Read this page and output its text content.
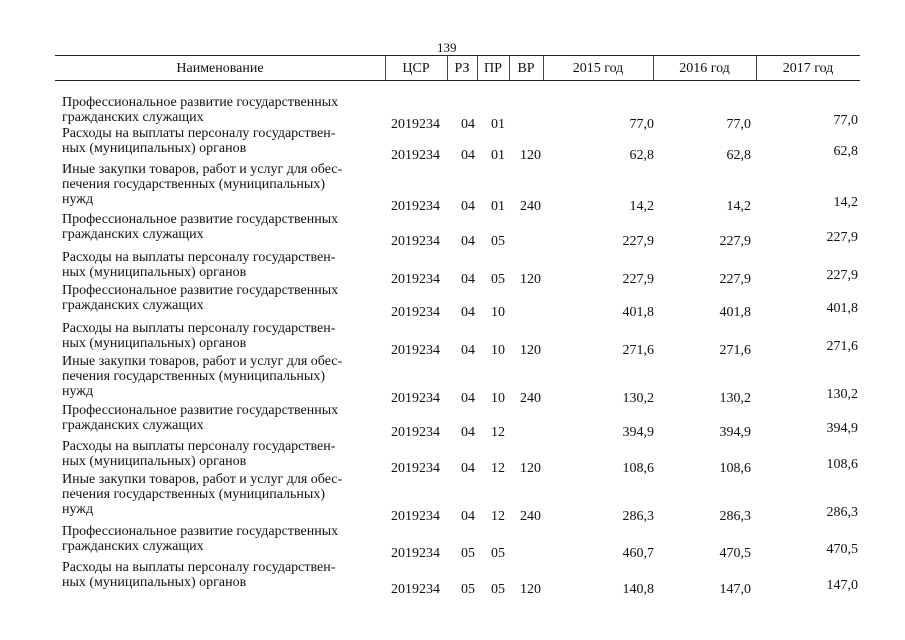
139
Наименование	ЦСР	РЗ	ПР	ВР	2015 год	2016 год	2017 год
Профессиональное развитие государственных
гражданских служащих	2019234 04 01	77,0	77,0	77,0
Расходы на выплаты персоналу государствен-
ных (муниципальных) органов	2019234 04 01 120	62,8	62,8	62,8
Иные закупки товаров, работ и услуг для обес-
печения государственных (муниципальных)
нужд	2019234 04 01 240	14,2	14,2	14,2
Профессиональное развитие государственных
гражданских служащих	2019234 04 05	227,9	227,9	227,9
Расходы на выплаты персоналу государствен-
ных (муниципальных) органов	2019234 04 05 120	227,9	227,9	227,9
Профессиональное развитие государственных
гражданских служащих	2019234 04 10	401,8	401,8	401,8
Расходы на выплаты персоналу государствен-
ных (муниципальных) органов	2019234 04 10 120	271,6	271,6	271,6
Иные закупки товаров, работ и услуг для обес-
печения государственных (муниципальных)
нужд	2019234 04 10 240	130,2	130,2	130,2
Профессиональное развитие государственных
гражданских служащих	2019234 04 12	394,9	394,9	394,9
Расходы на выплаты персоналу государствен-
ных (муниципальных) органов	2019234 04 12 120	108,6	108,6	108,6
Иные закупки товаров, работ и услуг для обес-
печения государственных (муниципальных)
нужд	2019234 04 12 240	286,3	286,3	286,3
Профессиональное развитие государственных
гражданских служащих	2019234 05 05	460,7	470,5	470,5
Расходы на выплаты персоналу государствен-
ных (муниципальных) органов	2019234 05 05 120	140,8	147,0	147,0
